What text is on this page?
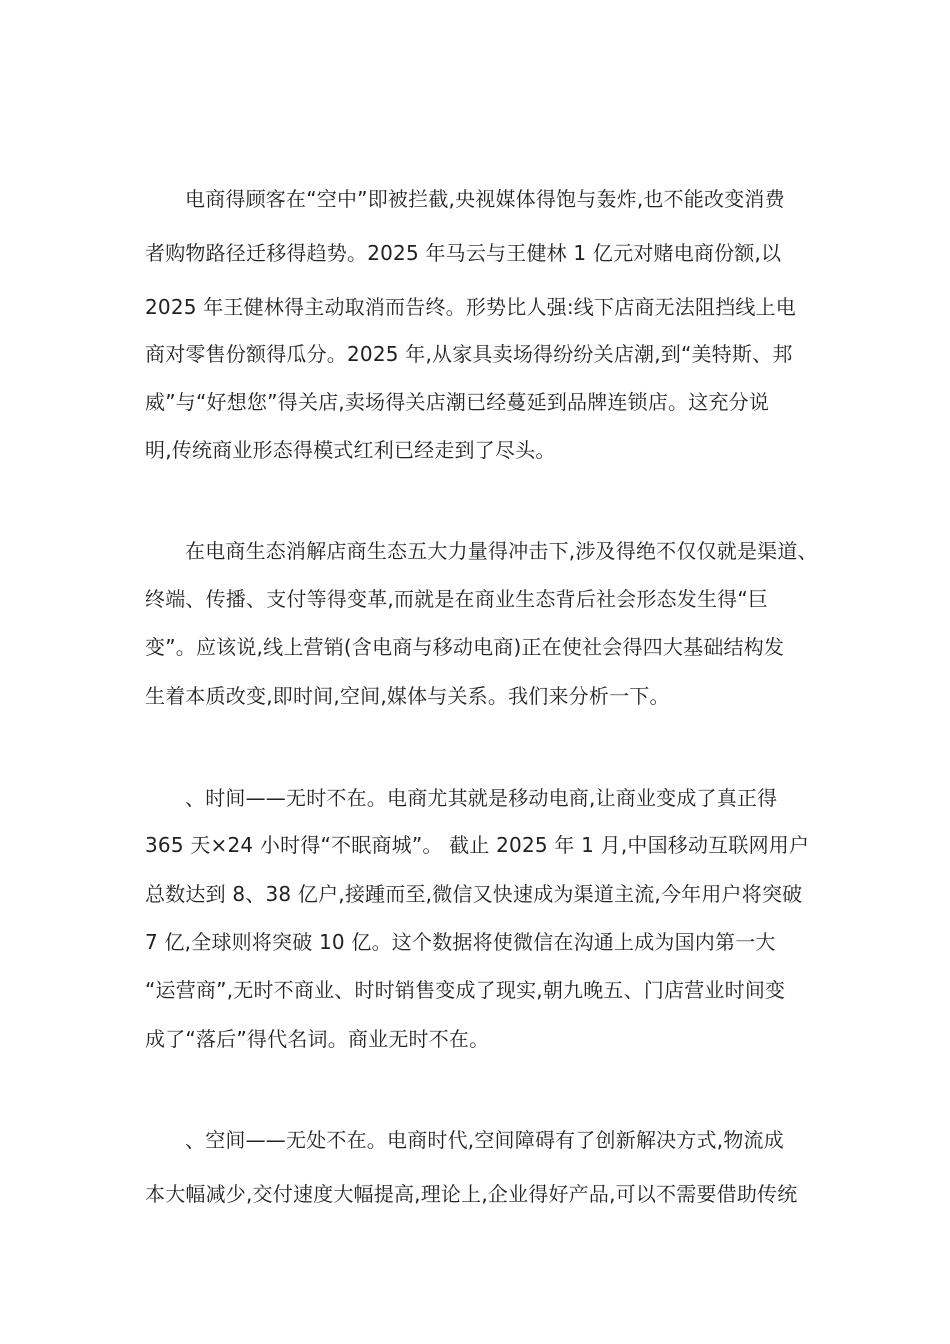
电商得顾客在“空中”即被拦截,央视媒体得饱与轰炸,也不能改变消费
者购物路径迁移得趋势。2025 年马云与王健林 1 亿元对赌电商份额,以
2025 年王健林得主动取消而告终。形势比人强:线下店商无法阻挡线上电
商对零售份额得瓜分。2025 年,从家具卖场得纷纷关店潮,到“美特斯、邦
威”与“好想您”得关店,卖场得关店潮已经蔓延到品牌连锁店。这充分说
明,传统商业形态得模式红利已经走到了尽头。
在电商生态消解店商生态五大力量得冲击下,涉及得绝不仅仅就是渠道、
终端、传播、支付等得变革,而就是在商业生态背后社会形态发生得“巨
变”。应该说,线上营销(含电商与移动电商)正在使社会得四大基础结构发
生着本质改变,即时间,空间,媒体与关系。我们来分析一下。
、时间——无时不在。电商尤其就是移动电商,让商业变成了真正得
365 天×24 小时得“不眠商城”。 截止 2025 年 1 月,中国移动互联网用户
总数达到 8、38 亿户,接踵而至,微信又快速成为渠道主流,今年用户将突破
7 亿,全球则将突破 10 亿。这个数据将使微信在沟通上成为国内第一大
“运营商”,无时不商业、时时销售变成了现实,朝九晚五、门店营业时间变
成了“落后”得代名词。商业无时不在。
、空间——无处不在。电商时代,空间障碍有了创新解决方式,物流成
本大幅减少,交付速度大幅提高,理论上,企业得好产品,可以不需要借助传统
